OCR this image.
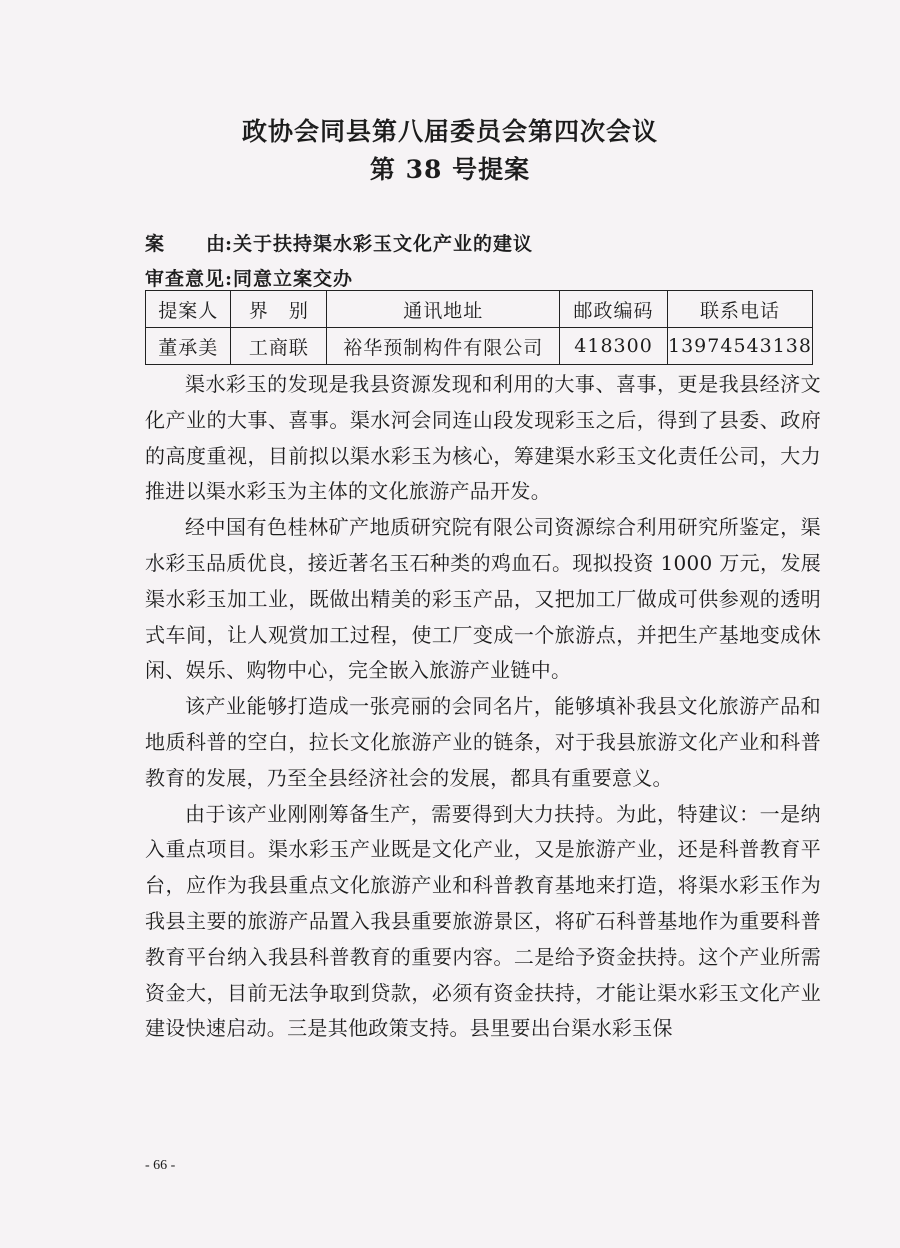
政协会同县第八届委员会第四次会议
第 38 号提案
案 由:关于扶持渠水彩玉文化产业的建议
审查意见:同意立案交办
提案人	界　别	通讯地址	邮政编码	联系电话
董承美	工商联	裕华预制构件有限公司	418300	13974543138

渠水彩玉的发现是我县资源发现和利用的大事、喜事，更是我县经济文化产业的大事、喜事。渠水河会同连山段发现彩玉之后，得到了县委、政府的高度重视，目前拟以渠水彩玉为核心，筹建渠水彩玉文化责任公司，大力推进以渠水彩玉为主体的文化旅游产品开发。

经中国有色桂林矿产地质研究院有限公司资源综合利用研究所鉴定，渠水彩玉品质优良，接近著名玉石种类的鸡血石。现拟投资 1000 万元，发展渠水彩玉加工业，既做出精美的彩玉产品，又把加工厂做成可供参观的透明式车间，让人观赏加工过程，使工厂变成一个旅游点，并把生产基地变成休闲、娱乐、购物中心，完全嵌入旅游产业链中。

该产业能够打造成一张亮丽的会同名片，能够填补我县文化旅游产品和地质科普的空白，拉长文化旅游产业的链条，对于我县旅游文化产业和科普教育的发展，乃至全县经济社会的发展，都具有重要意义。

由于该产业刚刚筹备生产，需要得到大力扶持。为此，特建议：一是纳入重点项目。渠水彩玉产业既是文化产业，又是旅游产业，还是科普教育平台，应作为我县重点文化旅游产业和科普教育基地来打造，将渠水彩玉作为我县主要的旅游产品置入我县重要旅游景区，将矿石科普基地作为重要科普教育平台纳入我县科普教育的重要内容。二是给予资金扶持。这个产业所需资金大，目前无法争取到贷款，必须有资金扶持，才能让渠水彩玉文化产业建设快速启动。三是其他政策支持。县里要出台渠水彩玉保

- 66 -
